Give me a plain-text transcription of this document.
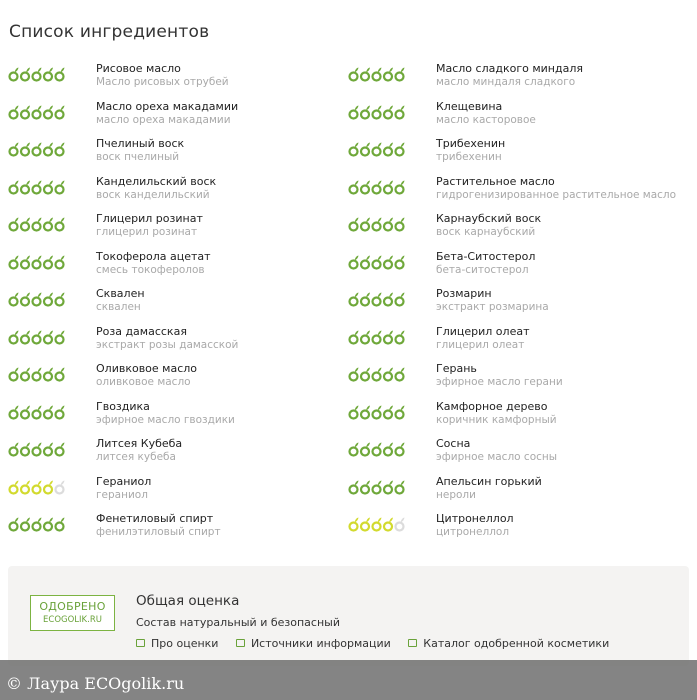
Список ингредиентов
Рисовое масло
Масло рисовых отрубей
Масло сладкого миндаля
масло миндаля сладкого
Масло ореха макадамии
масло ореха макадамии
Клещевина
масло касторовое
Пчелиный воск
воск пчелиный
Трибехенин
трибехенин
Канделильский воск
воск канделильский
Растительное масло
гидрогенизированное растительное масло
Глицерил розинат
глицерил розинат
Карнаубский воск
воск карнаубский
Токоферола ацетат
смесь токоферолов
Бета-Ситостерол
бета-ситостерол
Сквален
сквален
Розмарин
экстракт розмарина
Роза дамасская
экстракт розы дамасской
Глицерил олеат
глицерил олеат
Оливковое масло
оливковое масло
Герань
эфирное масло герани
Гвоздика
эфирное масло гвоздики
Камфорное дерево
коричник камфорный
Литсея Кубеба
литсея кубеба
Сосна
эфирное масло сосны
Гераниол
гераниол
Апельсин горький
нероли
Фенетиловый спирт
фенилэтиловый спирт
Цитронеллол
цитронеллол
ОДОБРЕНО
ECOGOLIK.RU
Общая оценка
Состав натуральный и безопасный
Про оценки	Источники информации	Каталог одобренной косметики
© Лаура ECOgolik.ru
